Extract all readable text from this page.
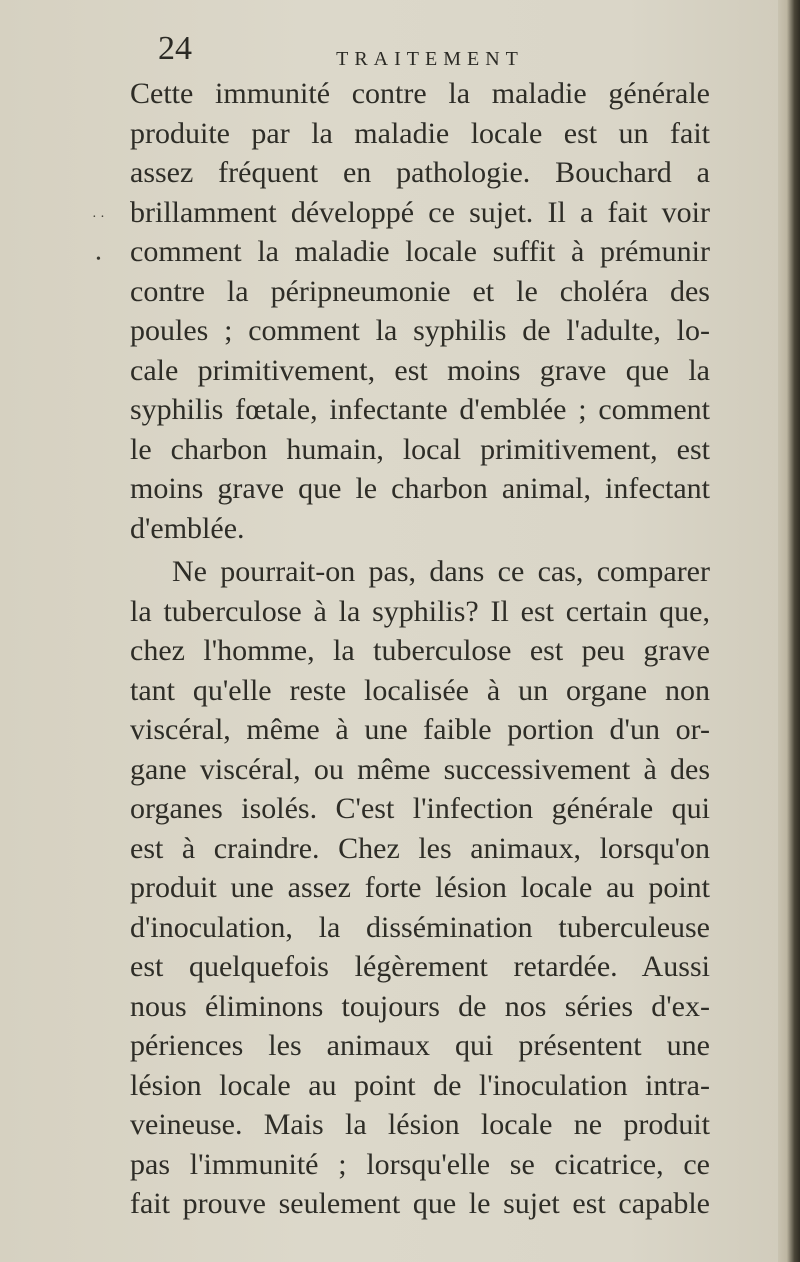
24	TRAITEMENT
· ·
•
Cette immunité contre la maladie générale
produite par la maladie locale est un fait
assez fréquent en pathologie. Bouchard a
brillamment développé ce sujet. Il a fait voir
comment la maladie locale suffit à prémunir
contre la péripneumonie et le choléra des
poules ; comment la syphilis de l'adulte, lo-
cale primitivement, est moins grave que la
syphilis fœtale, infectante d'emblée ; comment
le charbon humain, local primitivement, est
moins grave que le charbon animal, infectant
d'emblée.
Ne pourrait-on pas, dans ce cas, comparer
la tuberculose à la syphilis? Il est certain que,
chez l'homme, la tuberculose est peu grave
tant qu'elle reste localisée à un organe non
viscéral, même à une faible portion d'un or-
gane viscéral, ou même successivement à des
organes isolés. C'est l'infection générale qui
est à craindre. Chez les animaux, lorsqu'on
produit une assez forte lésion locale au point
d'inoculation, la dissémination tuberculeuse
est quelquefois légèrement retardée. Aussi
nous éliminons toujours de nos séries d'ex-
périences les animaux qui présentent une
lésion locale au point de l'inoculation intra-
veineuse. Mais la lésion locale ne produit
pas l'immunité ; lorsqu'elle se cicatrice, ce
fait prouve seulement que le sujet est capable
